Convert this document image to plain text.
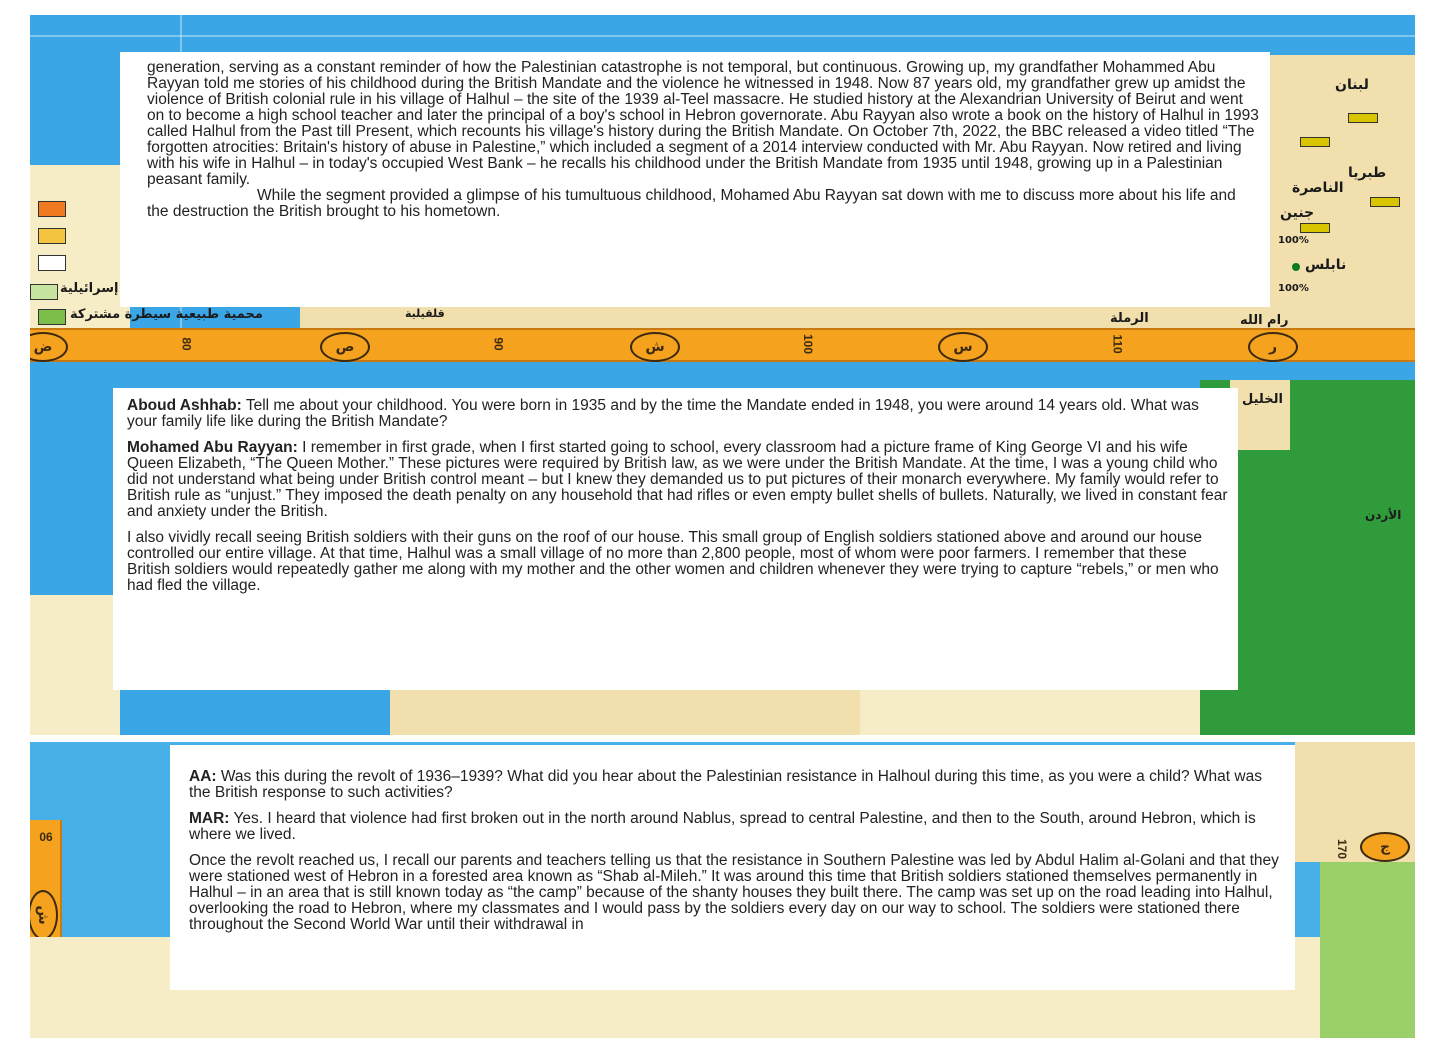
إسرائيلية
محمية طبيعية سيطرة مشتركة	قلقيلية
لبنان
طبريا
الناصرة
جنين
100%
نابلس
100%
رام الله
الرملة
ض	80	ص	90	ش	100	س	110	ر
الخليل
الأردن
ش
90
ج
170

generation, serving as a constant reminder of how the Palestinian catastrophe is not temporal, but continuous. Growing up, my grandfather Mohammed Abu Rayyan told me stories of his childhood during the British Mandate and the violence he witnessed in 1948. Now 87 years old, my grandfather grew up amidst the violence of British colonial rule in his village of Halhul – the site of the 1939 al-Teel massacre. He studied history at the Alexandrian University of Beirut and went on to become a high school teacher and later the principal of a boy's school in Hebron governorate. Abu Rayyan also wrote a book on the history of Halhul in 1993 called Halhul from the Past till Present, which recounts his village's history during the British Mandate. On October 7th, 2022, the BBC released a video titled “The forgotten atrocities: Britain's history of abuse in Palestine,” which included a segment of a 2014 interview conducted with Mr. Abu Rayyan. Now retired and living with his wife in Halhul – in today's occupied West Bank – he recalls his childhood under the British Mandate from 1935 until 1948, growing up in a Palestinian peasant family.

While the segment provided a glimpse of his tumultuous childhood, Mohamed Abu Rayyan sat down with me to discuss more about his life and the destruction the British brought to his hometown.

Aboud Ashhab: Tell me about your childhood. You were born in 1935 and by the time the Mandate ended in 1948, you were around 14 years old. What was your family life like during the British Mandate?

Mohamed Abu Rayyan: I remember in first grade, when I first started going to school, every classroom had a picture frame of King George VI and his wife Queen Elizabeth, “The Queen Mother.” These pictures were required by British law, as we were under the British Mandate. At the time, I was a young child who did not understand what being under British control meant – but I knew they demanded us to put pictures of their monarch everywhere. My family would refer to British rule as “unjust.” They imposed the death penalty on any household that had rifles or even empty bullet shells of bullets. Naturally, we lived in constant fear and anxiety under the British.

I also vividly recall seeing British soldiers with their guns on the roof of our house. This small group of English soldiers stationed above and around our house controlled our entire village. At that time, Halhul was a small village of no more than 2,800 people, most of whom were poor farmers. I remember that these British soldiers would repeatedly gather me along with my mother and the other women and children whenever they were trying to capture “rebels,” or men who had fled the village.

AA: Was this during the revolt of 1936–1939? What did you hear about the Palestinian resistance in Halhoul during this time, as you were a child? What was the British response to such activities?

MAR: Yes. I heard that violence had first broken out in the north around Nablus, spread to central Palestine, and then to the South, around Hebron, which is where we lived.

Once the revolt reached us, I recall our parents and teachers telling us that the resistance in Southern Palestine was led by Abdul Halim al-Golani and that they were stationed west of Hebron in a forested area known as “Shab al-Mileh.” It was around this time that British soldiers stationed themselves permanently in Halhul – in an area that is still known today as “the camp” because of the shanty houses they built there. The camp was set up on the road leading into Halhul, overlooking the road to Hebron, where my classmates and I would pass by the soldiers every day on our way to school. The soldiers were stationed there throughout the Second World War until their withdrawal in
